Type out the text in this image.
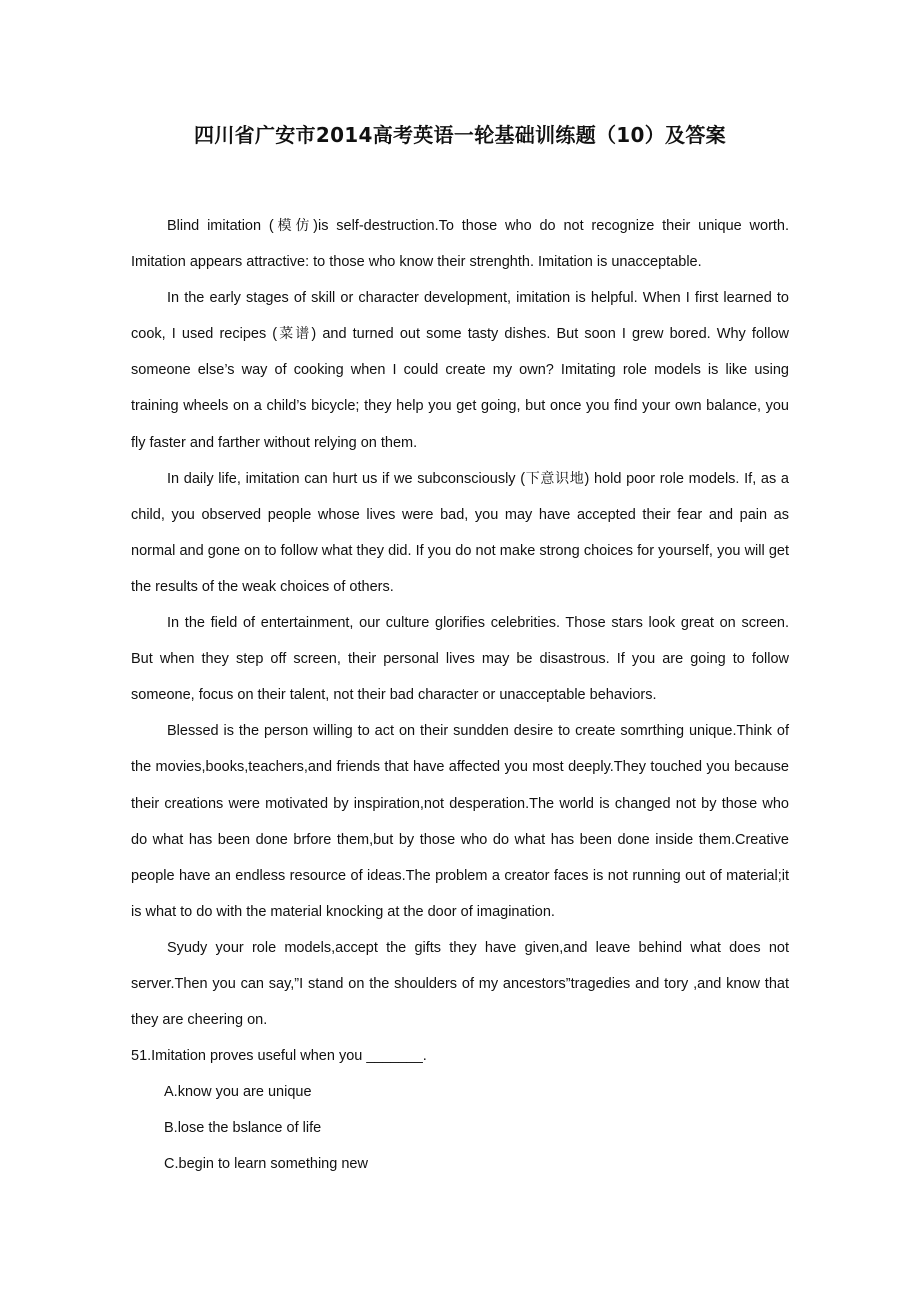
四川省广安市2014高考英语一轮基础训练题（10）及答案

Blind imitation (模仿)is self-destruction.To those who do not recognize their unique worth. Imitation appears attractive: to those who know their strenghth. Imitation is unacceptable.

In the early stages of skill or character development, imitation is helpful. When I first learned to cook, I used recipes (菜谱) and turned out some tasty dishes. But soon I grew bored. Why follow someone else’s way of cooking when I could create my own? Imitating role models is like using training wheels on a child’s bicycle; they help you get going, but once you find your own balance, you fly faster and farther without relying on them.

In daily life, imitation can hurt us if we subconsciously (下意识地) hold poor role models. If, as a child, you observed people whose lives were bad, you may have accepted their fear and pain as normal and gone on to follow what they did. If you do not make strong choices for yourself, you will get the results of the weak choices of others.

In the field of entertainment, our culture glorifies celebrities. Those stars look great on screen. But when they step off screen, their personal lives may be disastrous. If you are going to follow someone, focus on their talent, not their bad character or unacceptable behaviors.

Blessed is the person willing to act on their sundden desire to create somrthing unique.Think of the movies,books,teachers,and friends that have affected you most deeply.They touched you because their creations were motivated by inspiration,not desperation.The world is changed not by those who do what has been done brfore them,but by those who do what has been done inside them.Creative people have an endless resource of ideas.The problem a creator faces is not running out of material;it is what to do with the material knocking at the door of imagination.

Syudy your role models,accept the gifts they have given,and leave behind what does not server.Then you can say,”I stand on the shoulders of my ancestors”tragedies and tory ,and know that they are cheering on.

51.Imitation proves useful when you _______.

A.know you are unique

B.lose the bslance of life

C.begin to learn something new
